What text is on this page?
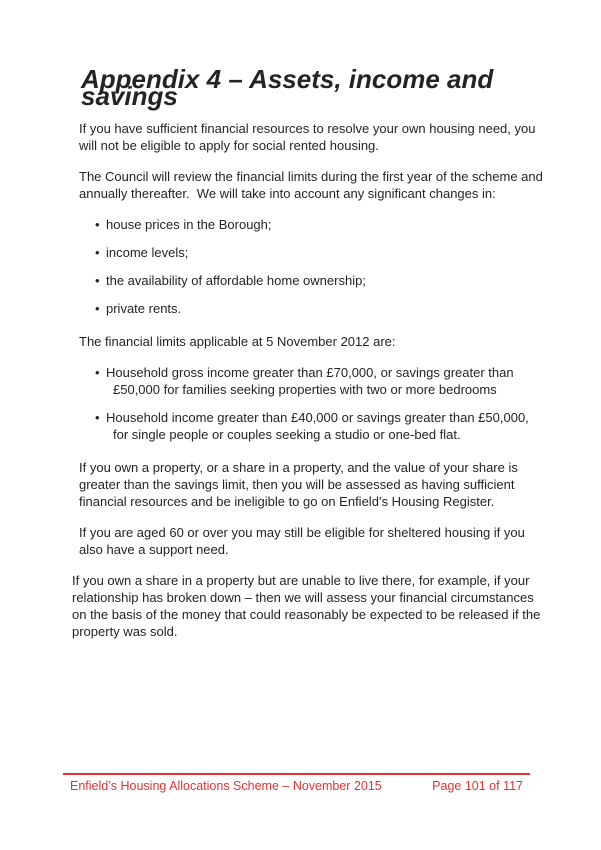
Appendix 4 – Assets, income and savings

If you have sufficient financial resources to resolve your own housing need, you will not be eligible to apply for social rented housing.

The Council will review the financial limits during the first year of the scheme and annually thereafter.  We will take into account any significant changes in:

• house prices in the Borough;
• income levels;
• the availability of affordable home ownership;
• private rents.

The financial limits applicable at 5 November 2012 are:

• Household gross income greater than £70,000, or savings greater than £50,000 for families seeking properties with two or more bedrooms
• Household income greater than £40,000 or savings greater than £50,000, for single people or couples seeking a studio or one-bed flat.

If you own a property, or a share in a property, and the value of your share is greater than the savings limit, then you will be assessed as having sufficient financial resources and be ineligible to go on Enfield’s Housing Register.

If you are aged 60 or over you may still be eligible for sheltered housing if you also have a support need.

If you own a share in a property but are unable to live there, for example, if your relationship has broken down – then we will assess your financial circumstances on the basis of the money that could reasonably be expected to be released if the property was sold.

Enfield’s Housing Allocations Scheme – November 2015	Page 101 of 117
